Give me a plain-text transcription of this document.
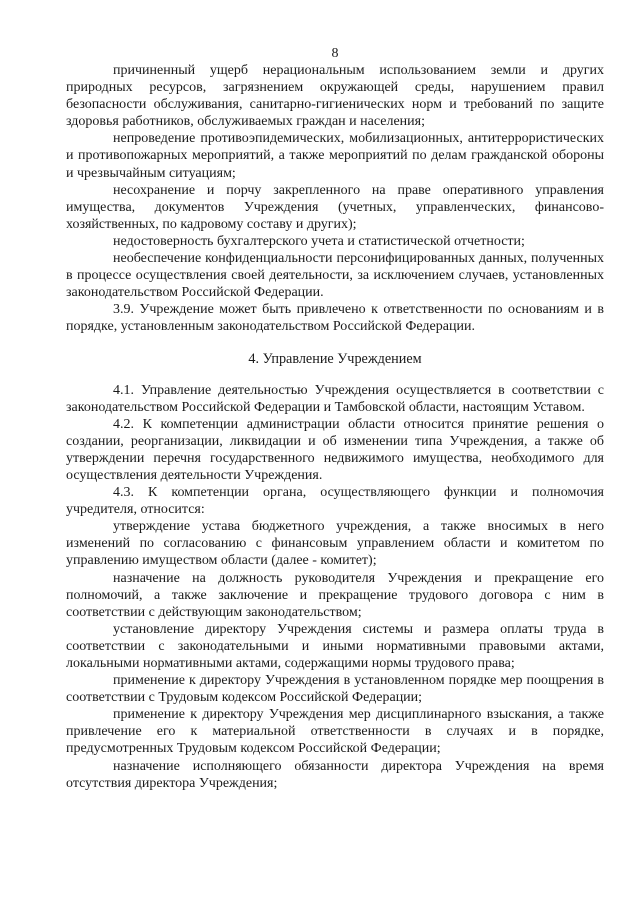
8

причиненный ущерб нерациональным использованием земли и других природных ресурсов, загрязнением окружающей среды, нарушением правил безопасности обслуживания, санитарно-гигиенических норм и требований по защите здоровья работников, обслуживаемых граждан и населения;

непроведение противоэпидемических, мобилизационных, антитеррористических и противопожарных мероприятий, а также мероприятий по делам гражданской обороны и чрезвычайным ситуациям;

несохранение и порчу закрепленного на праве оперативного управления имущества, документов Учреждения (учетных, управленческих, финансово-хозяйственных, по кадровому составу и других);

недостоверность бухгалтерского учета и статистической отчетности;

необеспечение конфиденциальности персонифицированных данных, полученных в процессе осуществления своей деятельности, за исключением случаев, установленных законодательством Российской Федерации.

3.9. Учреждение может быть привлечено к ответственности по основаниям и в порядке, установленным законодательством Российской Федерации.

4. Управление Учреждением

4.1. Управление деятельностью Учреждения осуществляется в соответствии с законодательством Российской Федерации и Тамбовской области, настоящим Уставом.

4.2. К компетенции администрации области относится принятие решения о создании, реорганизации, ликвидации и об изменении типа Учреждения, а также об утверждении перечня государственного недвижимого имущества, необходимого для осуществления деятельности Учреждения.

4.3. К компетенции органа, осуществляющего функции и полномочия учредителя, относится:

утверждение устава бюджетного учреждения, а также вносимых в него изменений по согласованию с финансовым управлением области и комитетом по управлению имуществом области (далее - комитет);

назначение на должность руководителя Учреждения и прекращение его полномочий, а также заключение и прекращение трудового договора с ним в соответствии с действующим законодательством;

установление директору Учреждения системы и размера оплаты труда в соответствии с законодательными и иными нормативными правовыми актами, локальными нормативными актами, содержащими нормы трудового права;

применение к директору Учреждения в установленном порядке мер поощрения в соответствии с Трудовым кодексом Российской Федерации;

применение к директору Учреждения мер дисциплинарного взыскания, а также привлечение его к материальной ответственности в случаях и в порядке, предусмотренных Трудовым кодексом Российской Федерации;

назначение исполняющего обязанности директора Учреждения на время отсутствия директора Учреждения;
